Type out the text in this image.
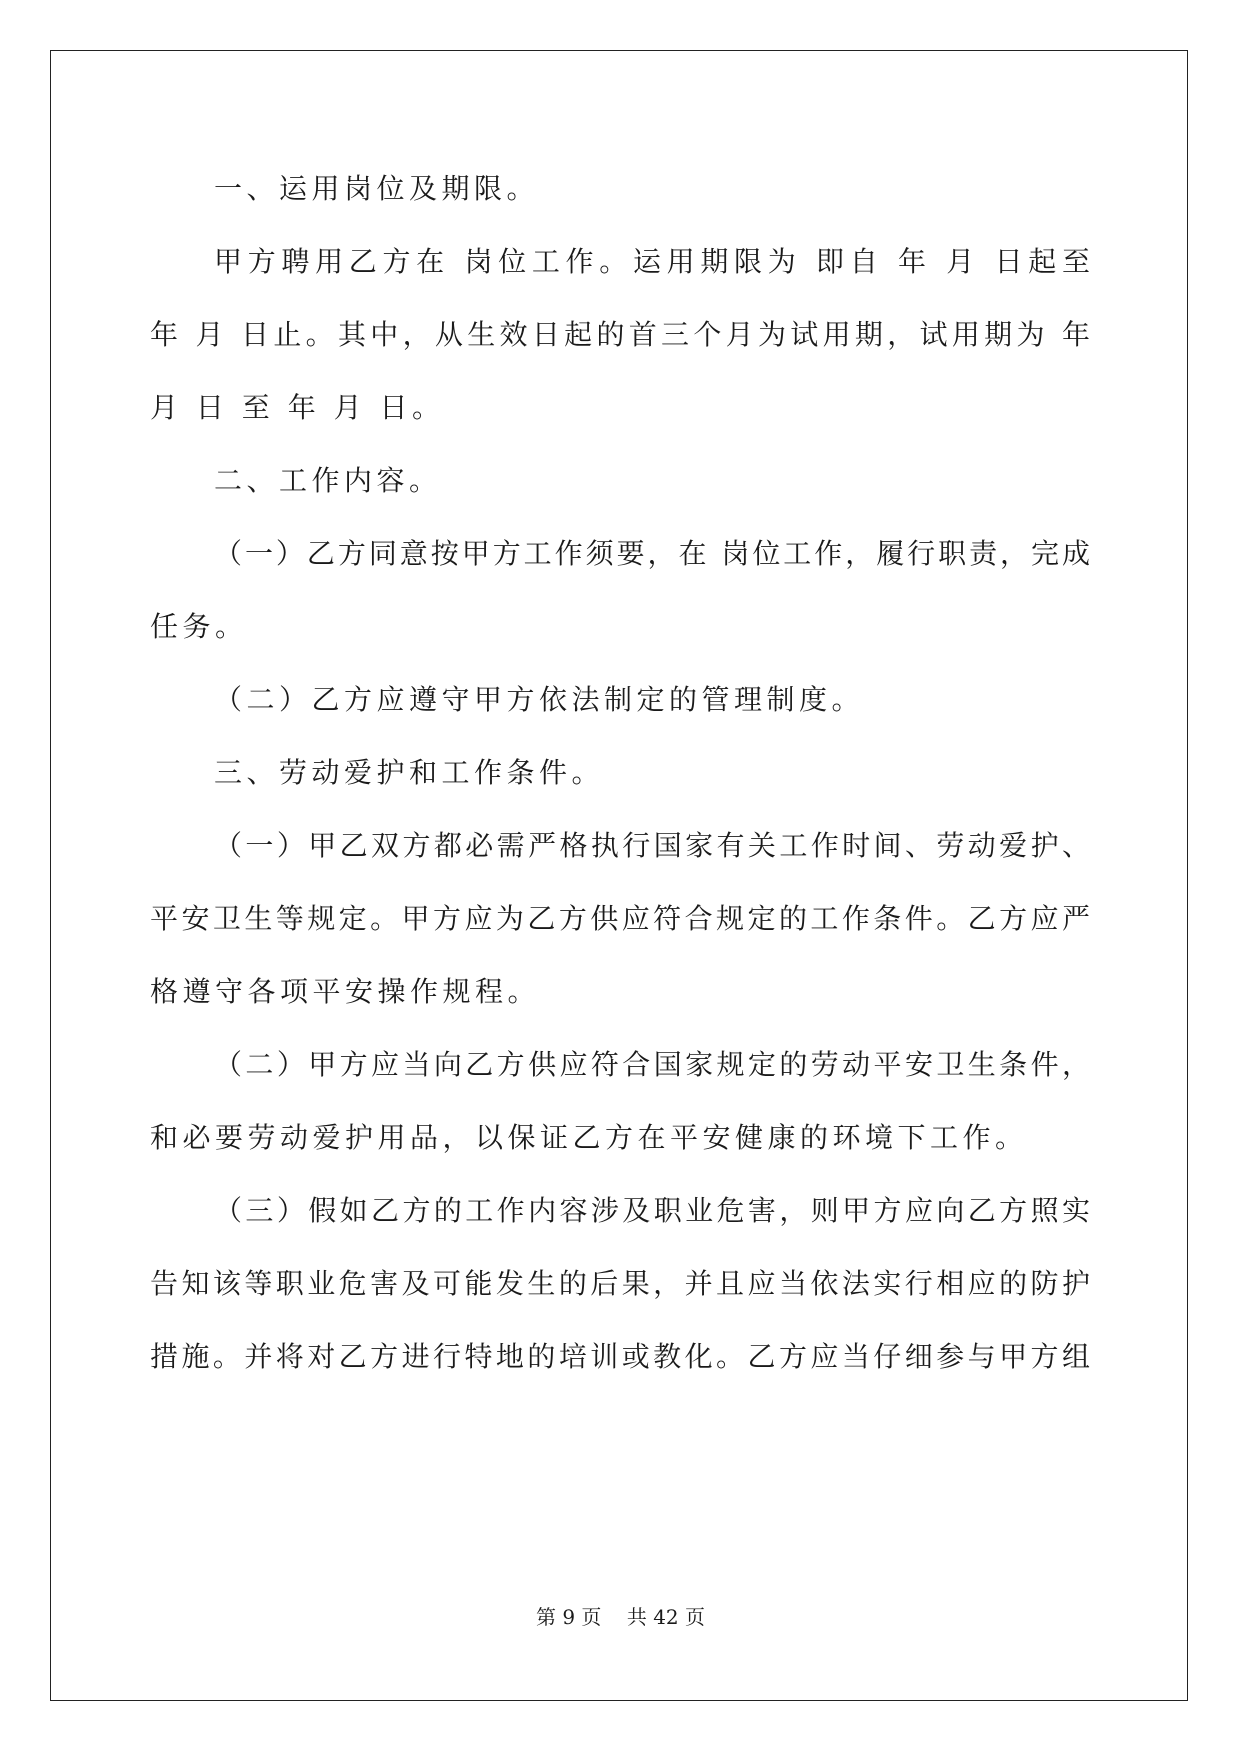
一、运用岗位及期限。
甲方聘用乙方在 岗位工作。运用期限为 即自 年 月 日起至
年 月 日止。其中，从生效日起的首三个月为试用期，试用期为 年
月 日 至 年 月 日。
二、工作内容。
（一）乙方同意按甲方工作须要，在 岗位工作，履行职责，完成
任务。
（二）乙方应遵守甲方依法制定的管理制度。
三、劳动爱护和工作条件。
（一）甲乙双方都必需严格执行国家有关工作时间、劳动爱护、
平安卫生等规定。甲方应为乙方供应符合规定的工作条件。乙方应严
格遵守各项平安操作规程。
（二）甲方应当向乙方供应符合国家规定的劳动平安卫生条件，
和必要劳动爱护用品，以保证乙方在平安健康的环境下工作。
（三）假如乙方的工作内容涉及职业危害，则甲方应向乙方照实
告知该等职业危害及可能发生的后果，并且应当依法实行相应的防护
措施。并将对乙方进行特地的培训或教化。乙方应当仔细参与甲方组
第 9 页    共 42 页
